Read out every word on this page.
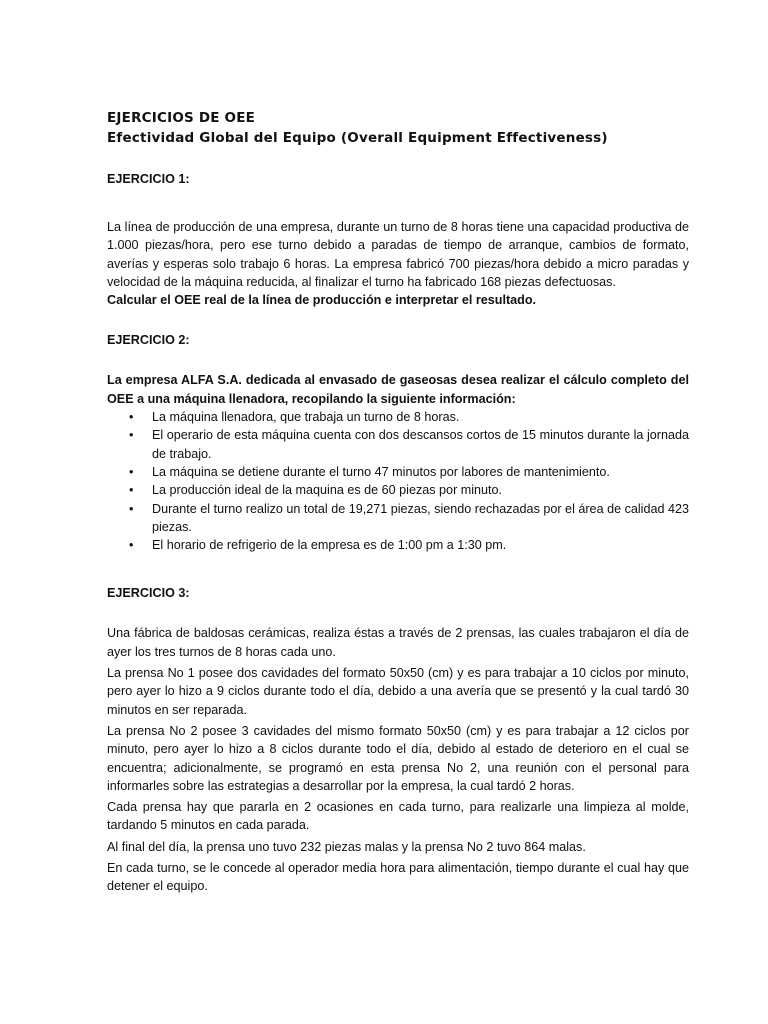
EJERCICIOS DE OEE
Efectividad Global del Equipo (Overall Equipment Effectiveness)
EJERCICIO 1:

La línea de producción de una empresa, durante un turno de 8 horas tiene una capacidad productiva de 1.000 piezas/hora, pero ese turno debido a paradas de tiempo de arranque, cambios de formato, averías y esperas solo trabajo 6 horas. La empresa fabricó 700 piezas/hora debido a micro paradas y velocidad de la máquina reducida, al finalizar el turno ha fabricado 168 piezas defectuosas.

Calcular el OEE real de la línea de producción e interpretar el resultado.

EJERCICIO 2:

La empresa ALFA S.A. dedicada al envasado de gaseosas desea realizar el cálculo completo del OEE a una máquina llenadora, recopilando la siguiente información:

• La máquina llenadora, que trabaja un turno de 8 horas.
• El operario de esta máquina cuenta con dos descansos cortos de 15 minutos durante la jornada de trabajo.
• La máquina se detiene durante el turno 47 minutos por labores de mantenimiento.
• La producción ideal de la maquina es de 60 piezas por minuto.
• Durante el turno realizo un total de 19,271 piezas, siendo rechazadas por el área de calidad 423 piezas.
• El horario de refrigerio de la empresa es de 1:00 pm a 1:30 pm.
EJERCICIO 3:

Una fábrica de baldosas cerámicas, realiza éstas a través de 2 prensas, las cuales trabajaron el día de ayer los tres turnos de 8 horas cada uno.

La prensa No 1 posee dos cavidades del formato 50x50 (cm) y es para trabajar a 10 ciclos por minuto, pero ayer lo hizo a 9 ciclos durante todo el día, debido a una avería que se presentó y la cual tardó 30 minutos en ser reparada.

La prensa No 2 posee 3 cavidades del mismo formato 50x50 (cm) y es para trabajar a 12 ciclos por minuto, pero ayer lo hizo a 8 ciclos durante todo el día, debido al estado de deterioro en el cual se encuentra; adicionalmente, se programó en esta prensa No 2, una reunión con el personal para informarles sobre las estrategias a desarrollar por la empresa, la cual tardó 2 horas.

Cada prensa hay que pararla en 2 ocasiones en cada turno, para realizarle una limpieza al molde, tardando 5 minutos en cada parada.

Al final del día, la prensa uno tuvo 232 piezas malas y la prensa No 2 tuvo 864 malas.

En cada turno, se le concede al operador media hora para alimentación, tiempo durante el cual hay que detener el equipo.
